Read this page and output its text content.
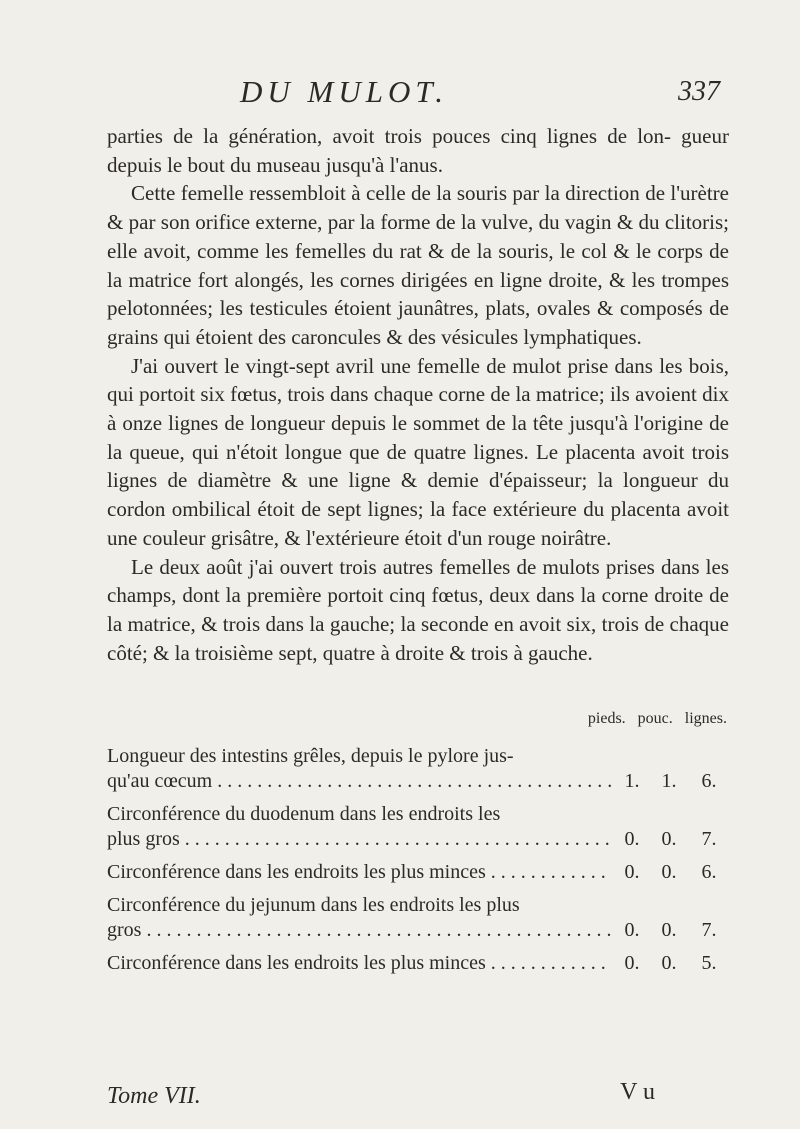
DU MULOT.	337

parties de la génération, avoit trois pouces cinq lignes de lon- gueur depuis le bout du museau jusqu'à l'anus.

Cette femelle ressembloit à celle de la souris par la direction de l'urètre & par son orifice externe, par la forme de la vulve, du vagin & du clitoris; elle avoit, comme les femelles du rat & de la souris, le col & le corps de la matrice fort alongés, les cornes dirigées en ligne droite, & les trompes pelotonnées; les testicules étoient jaunâtres, plats, ovales & composés de grains qui étoient des caroncules & des vésicules lymphatiques.

J'ai ouvert le vingt-sept avril une femelle de mulot prise dans les bois, qui portoit six fœtus, trois dans chaque corne de la matrice; ils avoient dix à onze lignes de longueur depuis le sommet de la tête jusqu'à l'origine de la queue, qui n'étoit longue que de quatre lignes. Le placenta avoit trois lignes de diamètre & une ligne & demie d'épaisseur; la longueur du cordon ombilical étoit de sept lignes; la face extérieure du placenta avoit une couleur grisâtre, & l'extérieure étoit d'un rouge noirâtre.

Le deux août j'ai ouvert trois autres femelles de mulots prises dans les champs, dont la première portoit cinq fœtus, deux dans la corne droite de la matrice, & trois dans la gauche; la seconde en avoit six, trois de chaque côté; & la troisième sept, quatre à droite & trois à gauche.

pieds. pouc. lignes.
Longueur des intestins grêles, depuis le pylore jus-
qu'au cœcum . . .	1.	1.	6.
Circonférence du duodenum dans les endroits les
plus gros . . .	0.	0.	7.
Circonférence dans les endroits les plus minces . . .	0.	0.	6.
Circonférence du jejunum dans les endroits les plus
gros . . .	0.	0.	7.
Circonférence dans les endroits les plus minces . . .	0.	0.	5.
Tome VII.	V u
